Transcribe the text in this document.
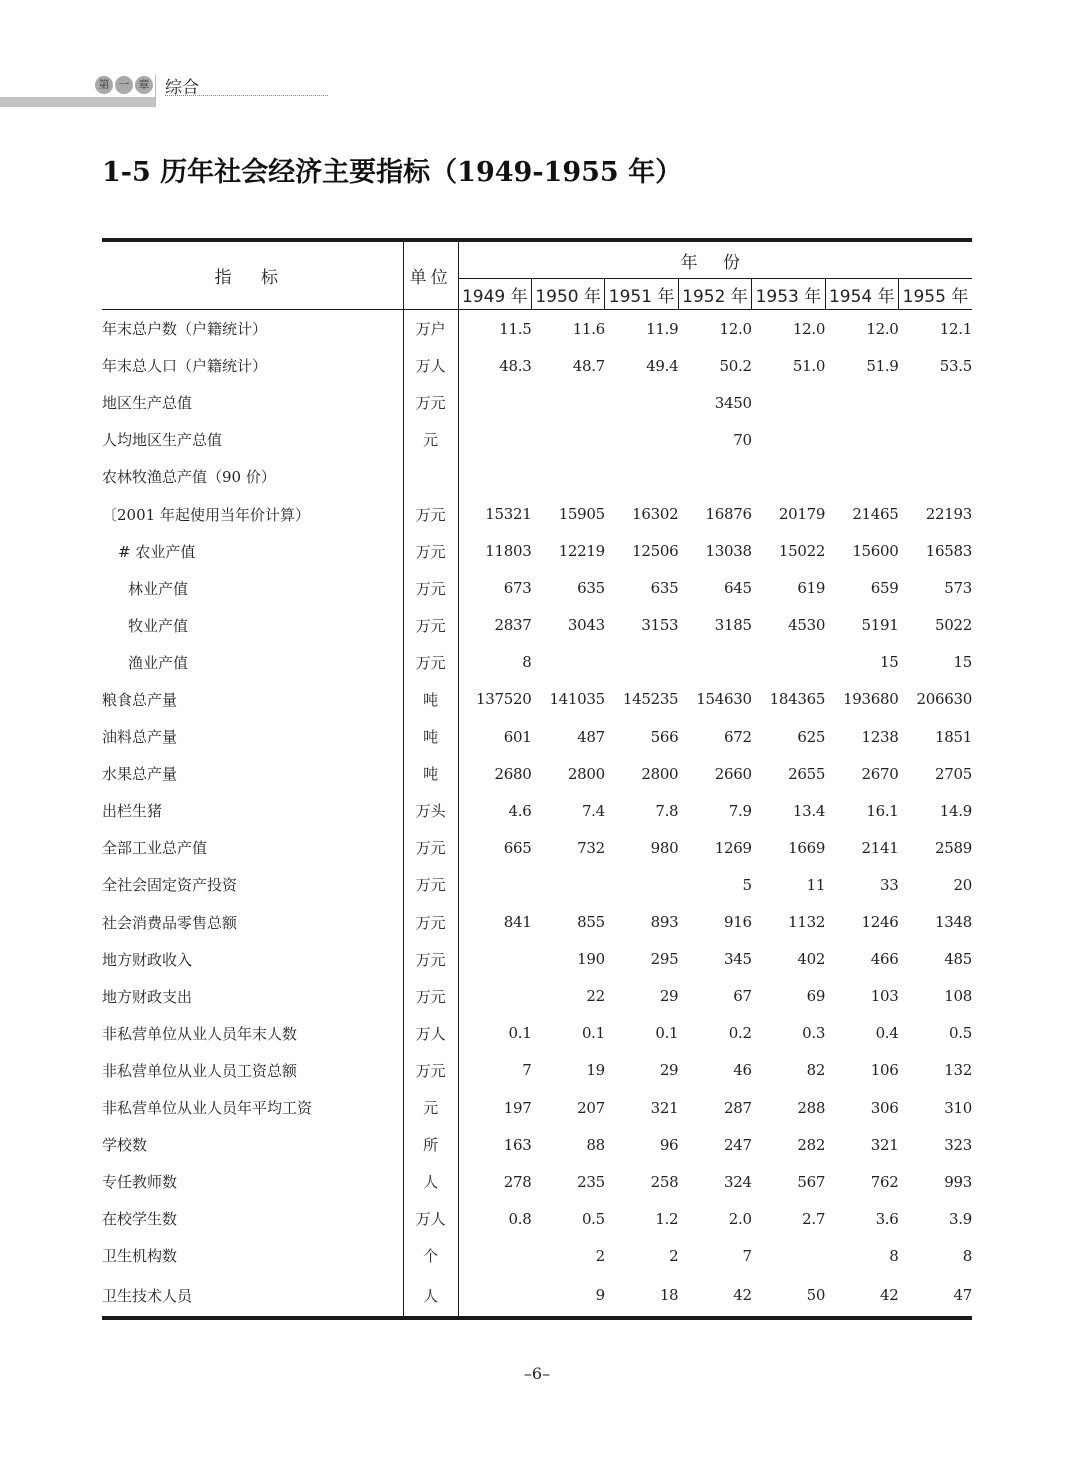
第 一 章 综合
1-5 历年社会经济主要指标（1949-1955 年）
指 标	单位	年 份						
		1949 年	1950 年	1951 年	1952 年	1953 年	1954 年	1955 年
年末总户数（户籍统计）	万户	11.5	11.6	11.9	12.0	12.0	12.0	12.1
年末总人口（户籍统计）	万人	48.3	48.7	49.4	50.2	51.0	51.9	53.5
地区生产总值	万元				3450			
人均地区生产总值	元				70			
农林牧渔总产值（90 价）								
〔2001 年起使用当年价计算）	万元	15321	15905	16302	16876	20179	21465	22193
# 农业产值	万元	11803	12219	12506	13038	15022	15600	16583
林业产值	万元	673	635	635	645	619	659	573
牧业产值	万元	2837	3043	3153	3185	4530	5191	5022
渔业产值	万元	8					15	15
粮食总产量	吨	137520	141035	145235	154630	184365	193680	206630
油料总产量	吨	601	487	566	672	625	1238	1851
水果总产量	吨	2680	2800	2800	2660	2655	2670	2705
出栏生猪	万头	4.6	7.4	7.8	7.9	13.4	16.1	14.9
全部工业总产值	万元	665	732	980	1269	1669	2141	2589
全社会固定资产投资	万元				5	11	33	20
社会消费品零售总额	万元	841	855	893	916	1132	1246	1348
地方财政收入	万元		190	295	345	402	466	485
地方财政支出	万元		22	29	67	69	103	108
非私营单位从业人员年末人数	万人	0.1	0.1	0.1	0.2	0.3	0.4	0.5
非私营单位从业人员工资总额	万元	7	19	29	46	82	106	132
非私营单位从业人员年平均工资	元	197	207	321	287	288	306	310
学校数	所	163	88	96	247	282	321	323
专任教师数	人	278	235	258	324	567	762	993
在校学生数	万人	0.8	0.5	1.2	2.0	2.7	3.6	3.9
卫生机构数	个		2	2	7		8	8
卫生技术人员	人		9	18	42	50	42	47
–6–
